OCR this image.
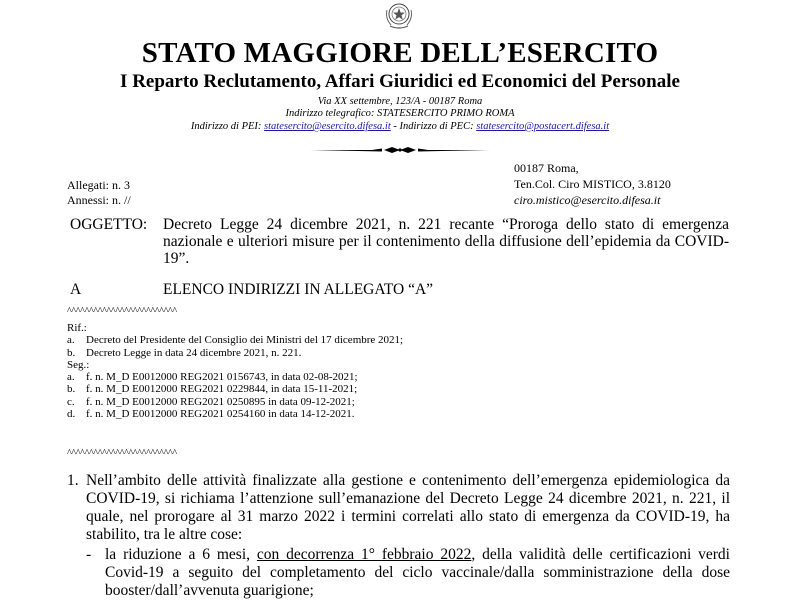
STATO MAGGIORE DELL’ESERCITO
I Reparto Reclutamento, Affari Giuridici ed Economici del Personale
Via XX settembre, 123/A - 00187 Roma
Indirizzo telegrafico: STATESERCITO PRIMO ROMA
Indirizzo di PEI: statesercito@esercito.difesa.it - Indirizzo di PEC: statesercito@postacert.difesa.it
00187 Roma,
Ten.Col. Ciro MISTICO, 3.8120
ciro.mistico@esercito.difesa.it
Allegati: n. 3
Annessi: n. //
OGGETTO: Decreto Legge 24 dicembre 2021, n. 221 recante “Proroga dello stato di emergenza nazionale e ulteriori misure per il contenimento della diffusione dell’epidemia da COVID-19”.
A	ELENCO INDIRIZZI IN ALLEGATO “A”
^^^^^^^^^^^^^^^^^^^^^^^^^
Rif.:
a. Decreto del Presidente del Consiglio dei Ministri del 17 dicembre 2021;
b. Decreto Legge in data 24 dicembre 2021, n. 221.
Seg.:
a. f. n. M_D E0012000 REG2021 0156743, in data 02-08-2021;
b. f. n. M_D E0012000 REG2021 0229844, in data 15-11-2021;
c. f. n. M_D E0012000 REG2021 0250895 in data 09-12-2021;
d. f. n. M_D E0012000 REG2021 0254160 in data 14-12-2021.
^^^^^^^^^^^^^^^^^^^^^^^^^
1. Nell’ambito delle attività finalizzate alla gestione e contenimento dell’emergenza epidemiologica da COVID-19, si richiama l’attenzione sull’emanazione del Decreto Legge 24 dicembre 2021, n. 221, il quale, nel prorogare al 31 marzo 2022 i termini correlati allo stato di emergenza da COVID-19, ha stabilito, tra le altre cose:
- la riduzione a 6 mesi, con decorrenza 1° febbraio 2022, della validità delle certificazioni verdi Covid-19 a seguito del completamento del ciclo vaccinale/dalla somministrazione della dose booster/dall’avvenuta guarigione;
